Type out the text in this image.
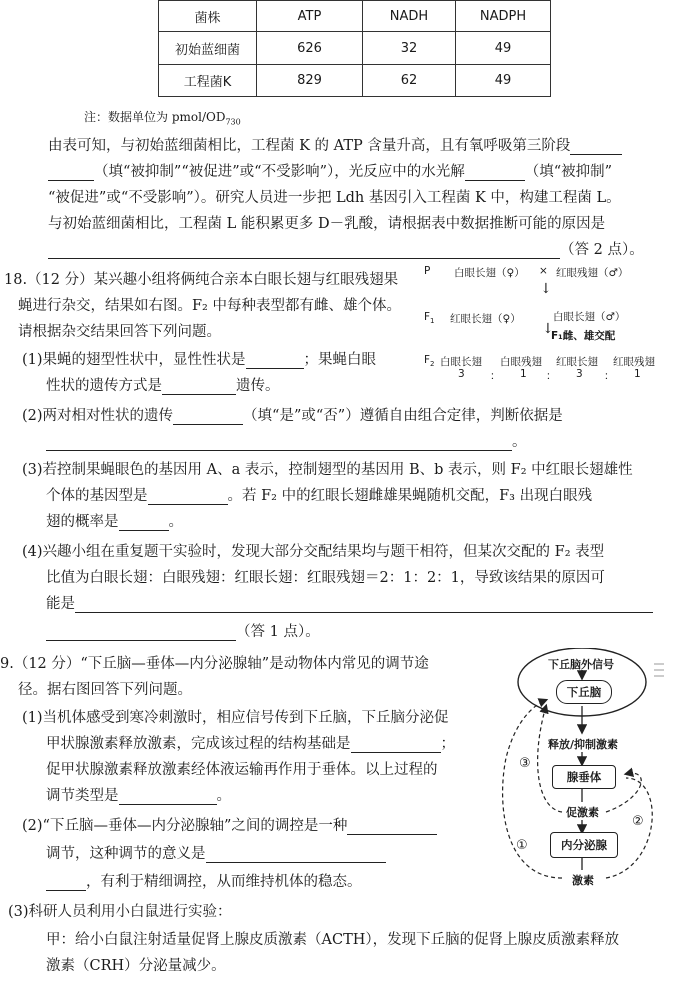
菌株	ATP	NADH	NADPH
初始蓝细菌	626	32	49
工程菌K	829	62	49
注：数据单位为 pmol/$OD_{730}$
由表可知，与初始蓝细菌相比，工程菌 K 的 ATP 含量升高，且有氧呼吸第三阶段
（填“被抑制”“被促进”或“不受影响”），光反应中的水光解	（填“被抑制”
“被促进”或“不受影响”）。研究人员进一步把 Ldh 基因引入工程菌 K 中，构建工程菌 L。
与初始蓝细菌相比，工程菌 L 能积累更多 D－乳酸，请根据表中数据推断可能的原因是
（答 2 点）。
18.（12 分）某兴趣小组将俩纯合亲本白眼长翅与红眼残翅果
蝇进行杂交，结果如右图。F₂ 中每种表型都有雌、雄个体。
请根据杂交结果回答下列问题。
(1)果蝇的翅型性状中，显性性状是	；果蝇白眼
性状的遗传方式是	遗传。
P 白眼长翅（♀） × 红眼残翅（♂）
↓
$F_1$ 红眼长翅（♀）	白眼长翅（♂）
↓
F₁雌、雄交配
$F_2$ 白眼长翅 白眼残翅 红眼长翅 红眼残翅
3 ： 1 ： 3 ： 1
(2)两对相对性状的遗传	（填“是”或“否”）遵循自由组合定律，判断依据是
。
(3)若控制果蝇眼色的基因用 A、a 表示，控制翅型的基因用 B、b 表示，则 F₂ 中红眼长翅雄性
个体的基因型是	。若 F₂ 中的红眼长翅雌雄果蝇随机交配，F₃ 出现白眼残
翅的概率是	。
(4)兴趣小组在重复题干实验时，发现大部分交配结果均与题干相符，但某次交配的 F₂ 表型
比值为白眼长翅：白眼残翅：红眼长翅：红眼残翅＝2：1：2：1，导致该结果的原因可
能是
（答 1 点）。
9.（12 分）“下丘脑—垂体—内分泌腺轴”是动物体内常见的调节途
径。据右图回答下列问题。
(1)当机体感受到寒冷刺激时，相应信号传到下丘脑，下丘脑分泌促
甲状腺激素释放激素，完成该过程的结构基础是	；
促甲状腺激素释放激素经体液运输再作用于垂体。以上过程的
调节类型是	。
(2)“下丘脑—垂体—内分泌腺轴”之间的调控是一种
调节，这种调节的意义是
，有利于精细调控，从而维持机体的稳态。
(3)科研人员利用小白鼠进行实验：
甲：给小白鼠注射适量促肾上腺皮质激素（ACTH），发现下丘脑的促肾上腺皮质激素释放
激素（CRH）分泌量减少。
下丘脑外信号
下丘脑
释放/抑制激素
腺垂体
促激素
内分泌腺
激素
③
②
①
